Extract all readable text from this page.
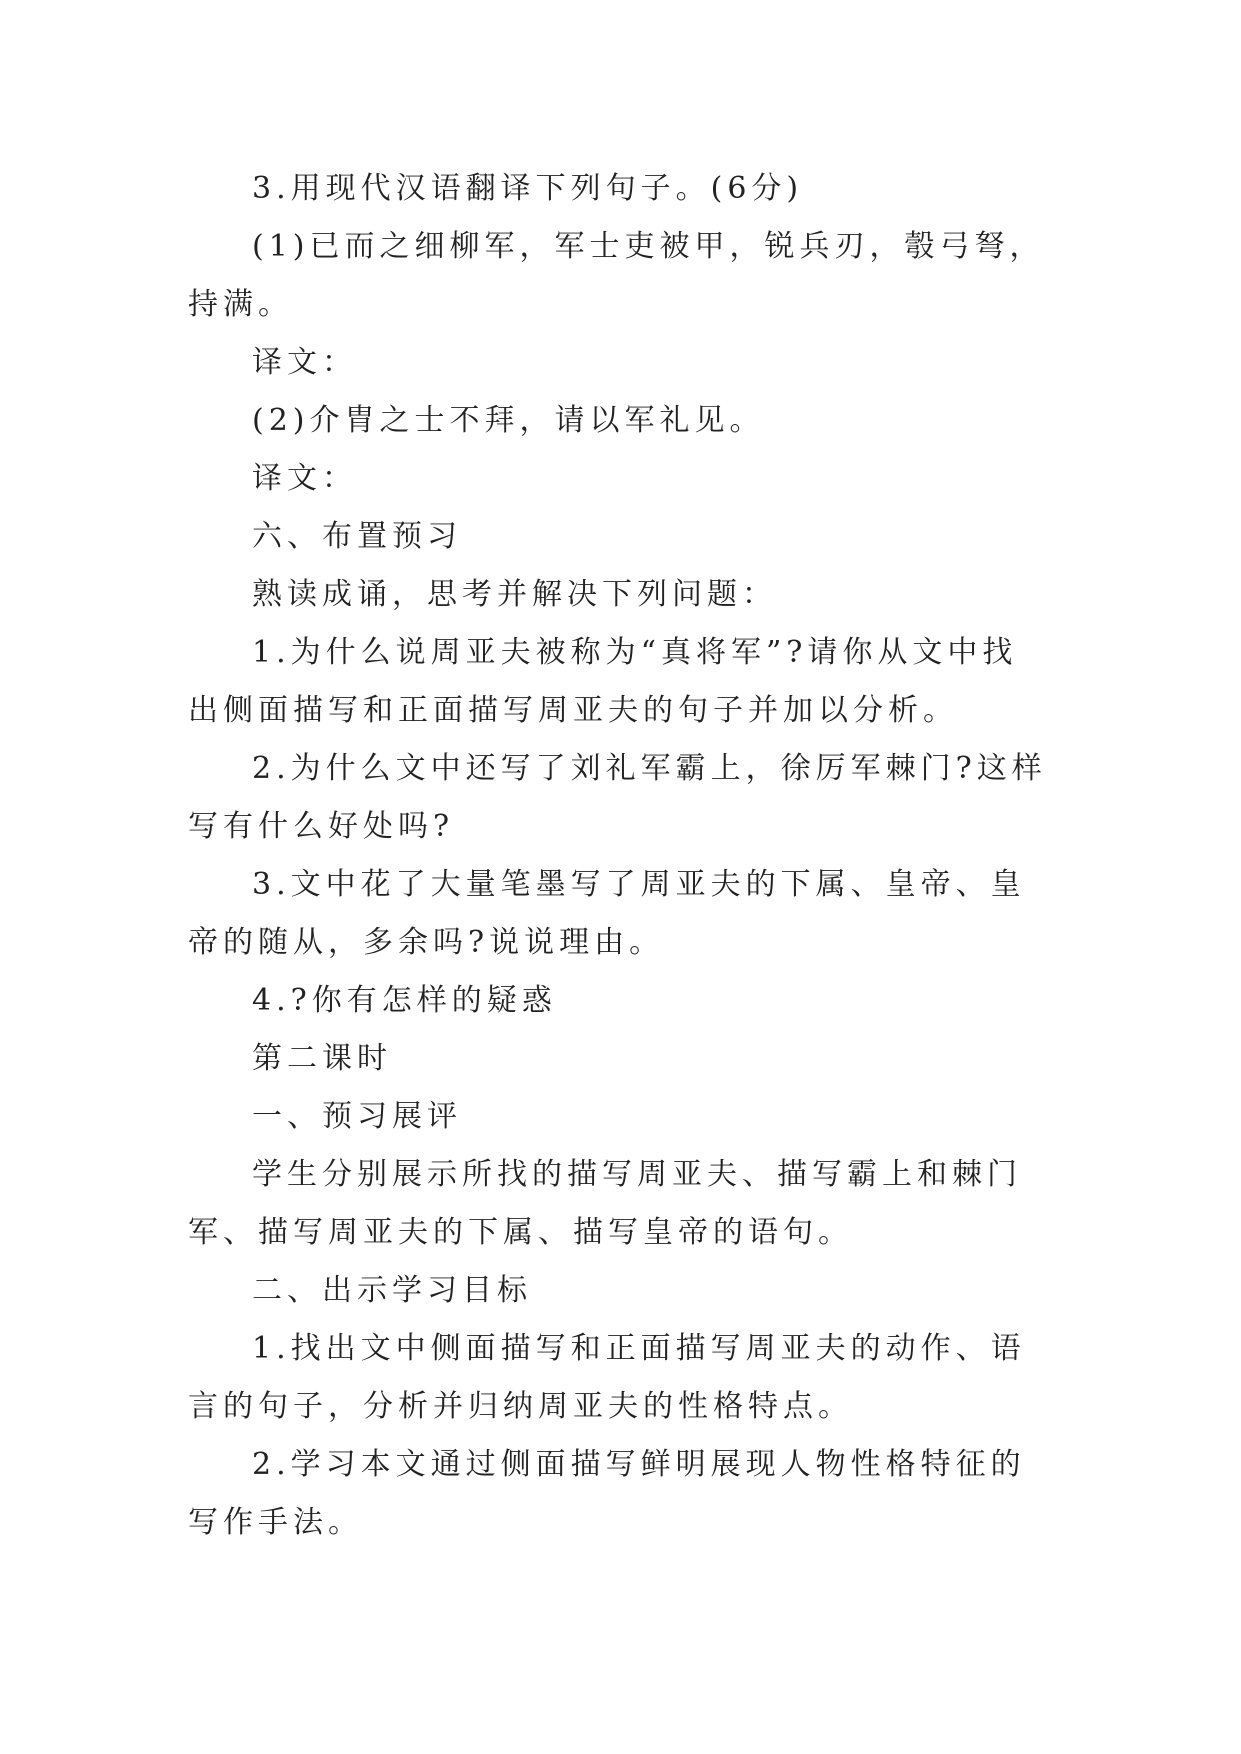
3.用现代汉语翻译下列句子。(6分)

(1)已而之细柳军，军士吏被甲，锐兵刃，彀弓弩，持满。

译文：

(2)介胄之士不拜，请以军礼见。

译文：

六、布置预习

熟读成诵，思考并解决下列问题：

1.为什么说周亚夫被称为“真将军”?请你从文中找出侧面描写和正面描写周亚夫的句子并加以分析。

2.为什么文中还写了刘礼军霸上，徐厉军棘门?这样写有什么好处吗?

3.文中花了大量笔墨写了周亚夫的下属、皇帝、皇帝的随从，多余吗?说说理由。

4.?你有怎样的疑惑

第二课时

一、预习展评

学生分别展示所找的描写周亚夫、描写霸上和棘门军、描写周亚夫的下属、描写皇帝的语句。

二、出示学习目标

1.找出文中侧面描写和正面描写周亚夫的动作、语言的句子，分析并归纳周亚夫的性格特点。

2.学习本文通过侧面描写鲜明展现人物性格特征的写作手法。
